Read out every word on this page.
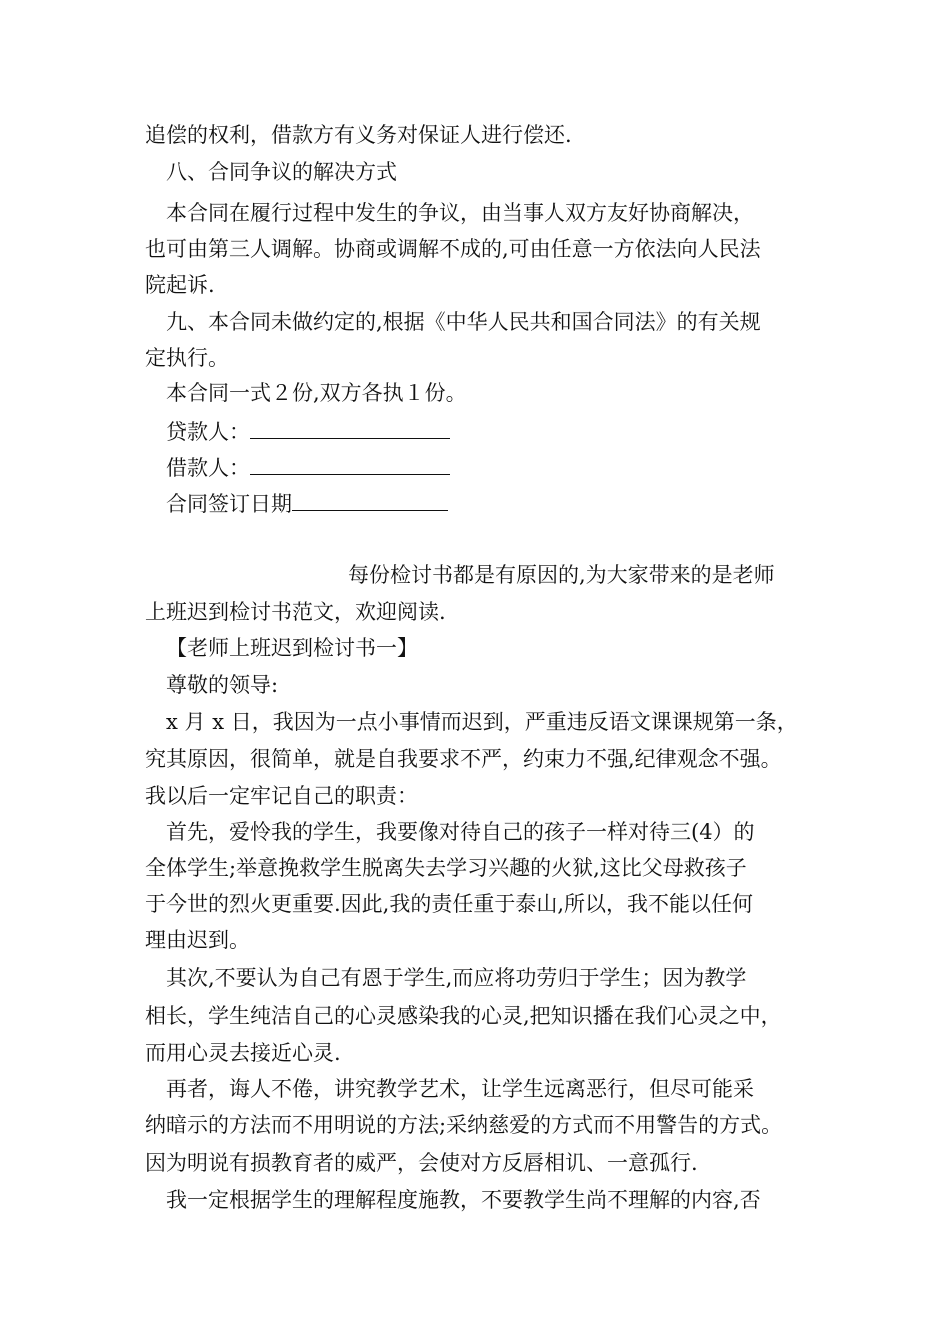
追偿的权利，借款方有义务对保证人进行偿还.
八、合同争议的解决方式
本合同在履行过程中发生的争议，由当事人双方友好协商解决，
也可由第三人调解。协商或调解不成的,可由任意一方依法向人民法
院起诉.
九、本合同未做约定的,根据《中华人民共和国合同法》的有关规
定执行。
本合同一式２份,双方各执１份。
贷款人：
借款人：
合同签订日期
每份检讨书都是有原因的,为大家带来的是老师
上班迟到检讨书范文，欢迎阅读.
【老师上班迟到检讨书一】
尊敬的领导:
x 月 x 日，我因为一点小事情而迟到，严重违反语文课课规第一条，
究其原因，很简单，就是自我要求不严，约束力不强,纪律观念不强。
我以后一定牢记自己的职责：
首先，爱怜我的学生，我要像对待自己的孩子一样对待三(4）的
全体学生;举意挽救学生脱离失去学习兴趣的火狱,这比父母救孩子
于今世的烈火更重要.因此,我的责任重于泰山,所以，我不能以任何
理由迟到。
其次,不要认为自己有恩于学生,而应将功劳归于学生；因为教学
相长，学生纯洁自己的心灵感染我的心灵,把知识播在我们心灵之中，
而用心灵去接近心灵.
再者，诲人不倦，讲究教学艺术，让学生远离恶行，但尽可能采
纳暗示的方法而不用明说的方法;采纳慈爱的方式而不用警告的方式。
因为明说有损教育者的威严，会使对方反唇相讥、一意孤行.
我一定根据学生的理解程度施教，不要教学生尚不理解的内容,否
